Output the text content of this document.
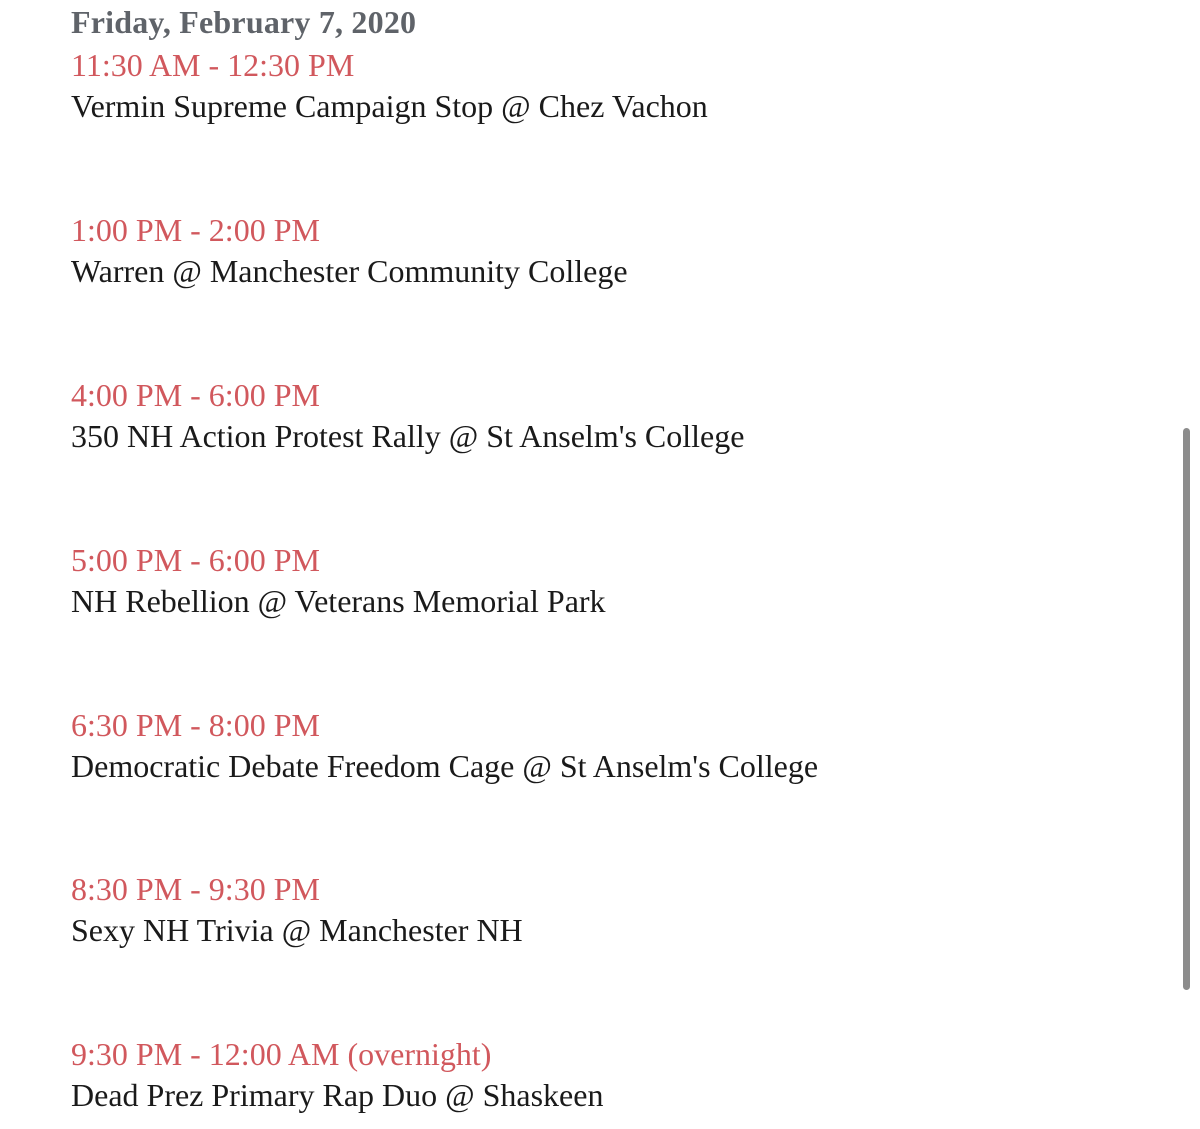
Friday, February 7, 2020
11:30 AM - 12:30 PM
Vermin Supreme Campaign Stop @ Chez Vachon
1:00 PM - 2:00 PM
Warren @ Manchester Community College
4:00 PM - 6:00 PM
350 NH Action Protest Rally @ St Anselm's College
5:00 PM - 6:00 PM
NH Rebellion @ Veterans Memorial Park
6:30 PM - 8:00 PM
Democratic Debate Freedom Cage @ St Anselm's College
8:30 PM - 9:30 PM
Sexy NH Trivia @ Manchester NH
9:30 PM - 12:00 AM (overnight)
Dead Prez Primary Rap Duo @ Shaskeen
